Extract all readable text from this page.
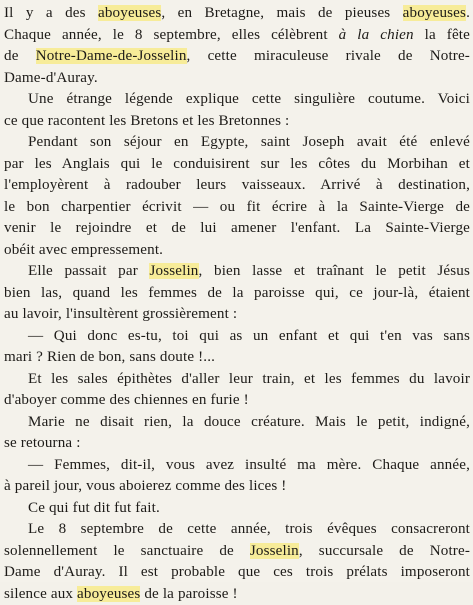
Il y a des aboyeuses, en Bretagne, mais de pieuses aboyeuses.
Chaque année, le 8 septembre, elles célèbrent à la chien la fête
de Notre-Dame-de-Josselin, cette miraculeuse rivale de Notre-
Dame-d'Auray.
Une étrange légende explique cette singulière coutume. Voici
ce que racontent les Bretons et les Bretonnes :
Pendant son séjour en Egypte, saint Joseph avait été enlevé
par les Anglais qui le conduisirent sur les côtes du Morbihan et
l'employèrent à radouber leurs vaisseaux. Arrivé à destination,
le bon charpentier écrivit — ou fit écrire à la Sainte-Vierge de
venir le rejoindre et de lui amener l'enfant. La Sainte-Vierge
obéit avec empressement.
Elle passait par Josselin, bien lasse et traînant le petit Jésus
bien las, quand les femmes de la paroisse qui, ce jour-là, étaient
au lavoir, l'insultèrent grossièrement :
— Qui donc es-tu, toi qui as un enfant et qui t'en vas sans
mari ? Rien de bon, sans doute !...
Et les sales épithètes d'aller leur train, et les femmes du lavoir
d'aboyer comme des chiennes en furie !
Marie ne disait rien, la douce créature. Mais le petit, indigné,
se retourna :
— Femmes, dit-il, vous avez insulté ma mère. Chaque année,
à pareil jour, vous aboierez comme des lices !
Ce qui fut dit fut fait.
Le 8 septembre de cette année, trois évêques consacreront
solennellement le sanctuaire de Josselin, succursale de Notre-
Dame d'Auray. Il est probable que ces trois prélats imposeront
silence aux aboyeuses de la paroisse !
